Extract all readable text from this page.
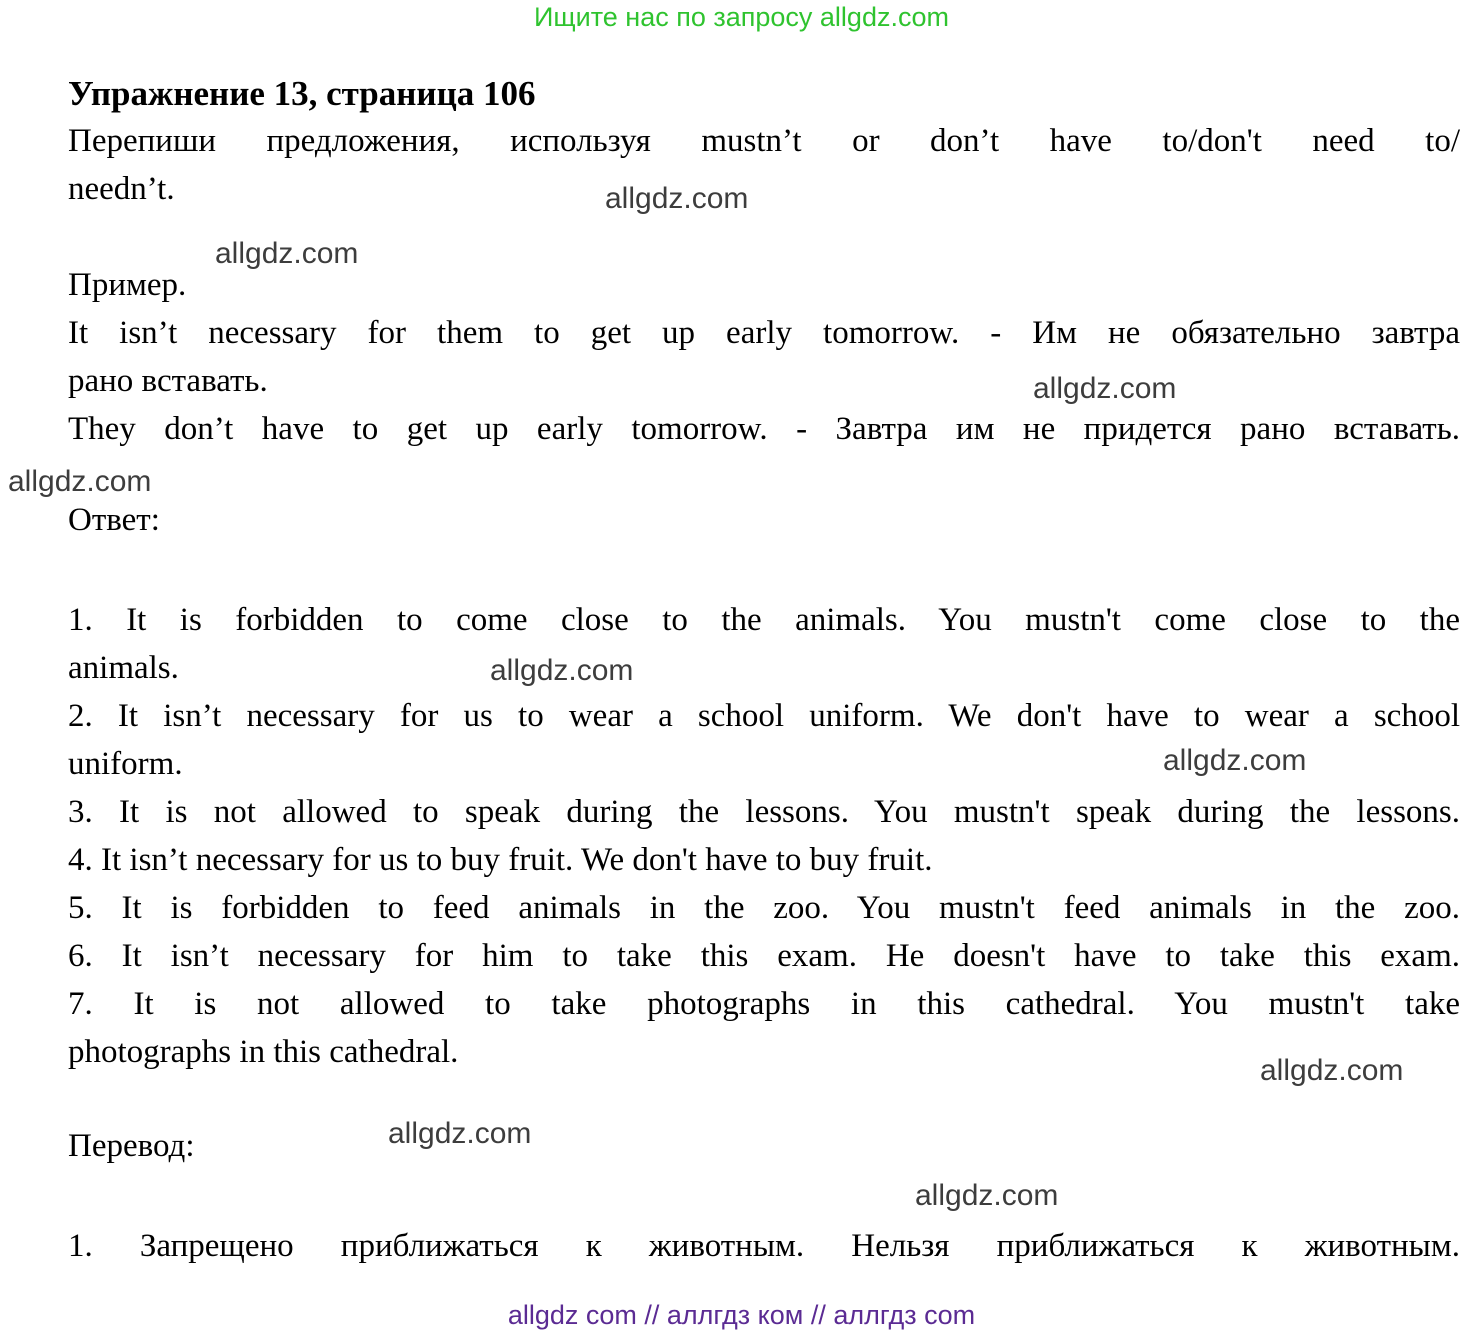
Ищите нас по запросу allgdz.com
Упражнение 13, страница 106
Перепиши предложения, используя mustn’t or don’t have to/don't need to/
needn’t.
Пример.
It isn’t necessary for them to get up early tomorrow. - Им не обязательно завтра
рано вставать.
They don’t have to get up early tomorrow. - Завтра им не придется рано вставать.
Ответ:
1. It is forbidden to come close to the animals. You mustn't come close to the
animals.
2. It isn’t necessary for us to wear a school uniform. We don't have to wear a school
uniform.
3. It is not allowed to speak during the lessons. You mustn't speak during the lessons.
4. It isn’t necessary for us to buy fruit. We don't have to buy fruit.
5. It is forbidden to feed animals in the zoo. You mustn't feed animals in the zoo.
6. It isn’t necessary for him to take this exam. He doesn't have to take this exam.
7. It is not allowed to take photographs in this cathedral. You mustn't take
photographs in this cathedral.
Перевод:
1. Запрещено приближаться к животным. Нельзя приближаться к животным.
allgdz.com
allgdz.com
allgdz.com
allgdz.com
allgdz.com
allgdz.com
allgdz.com
allgdz.com
allgdz.com
allgdz com // аллгдз ком // аллгдз com
